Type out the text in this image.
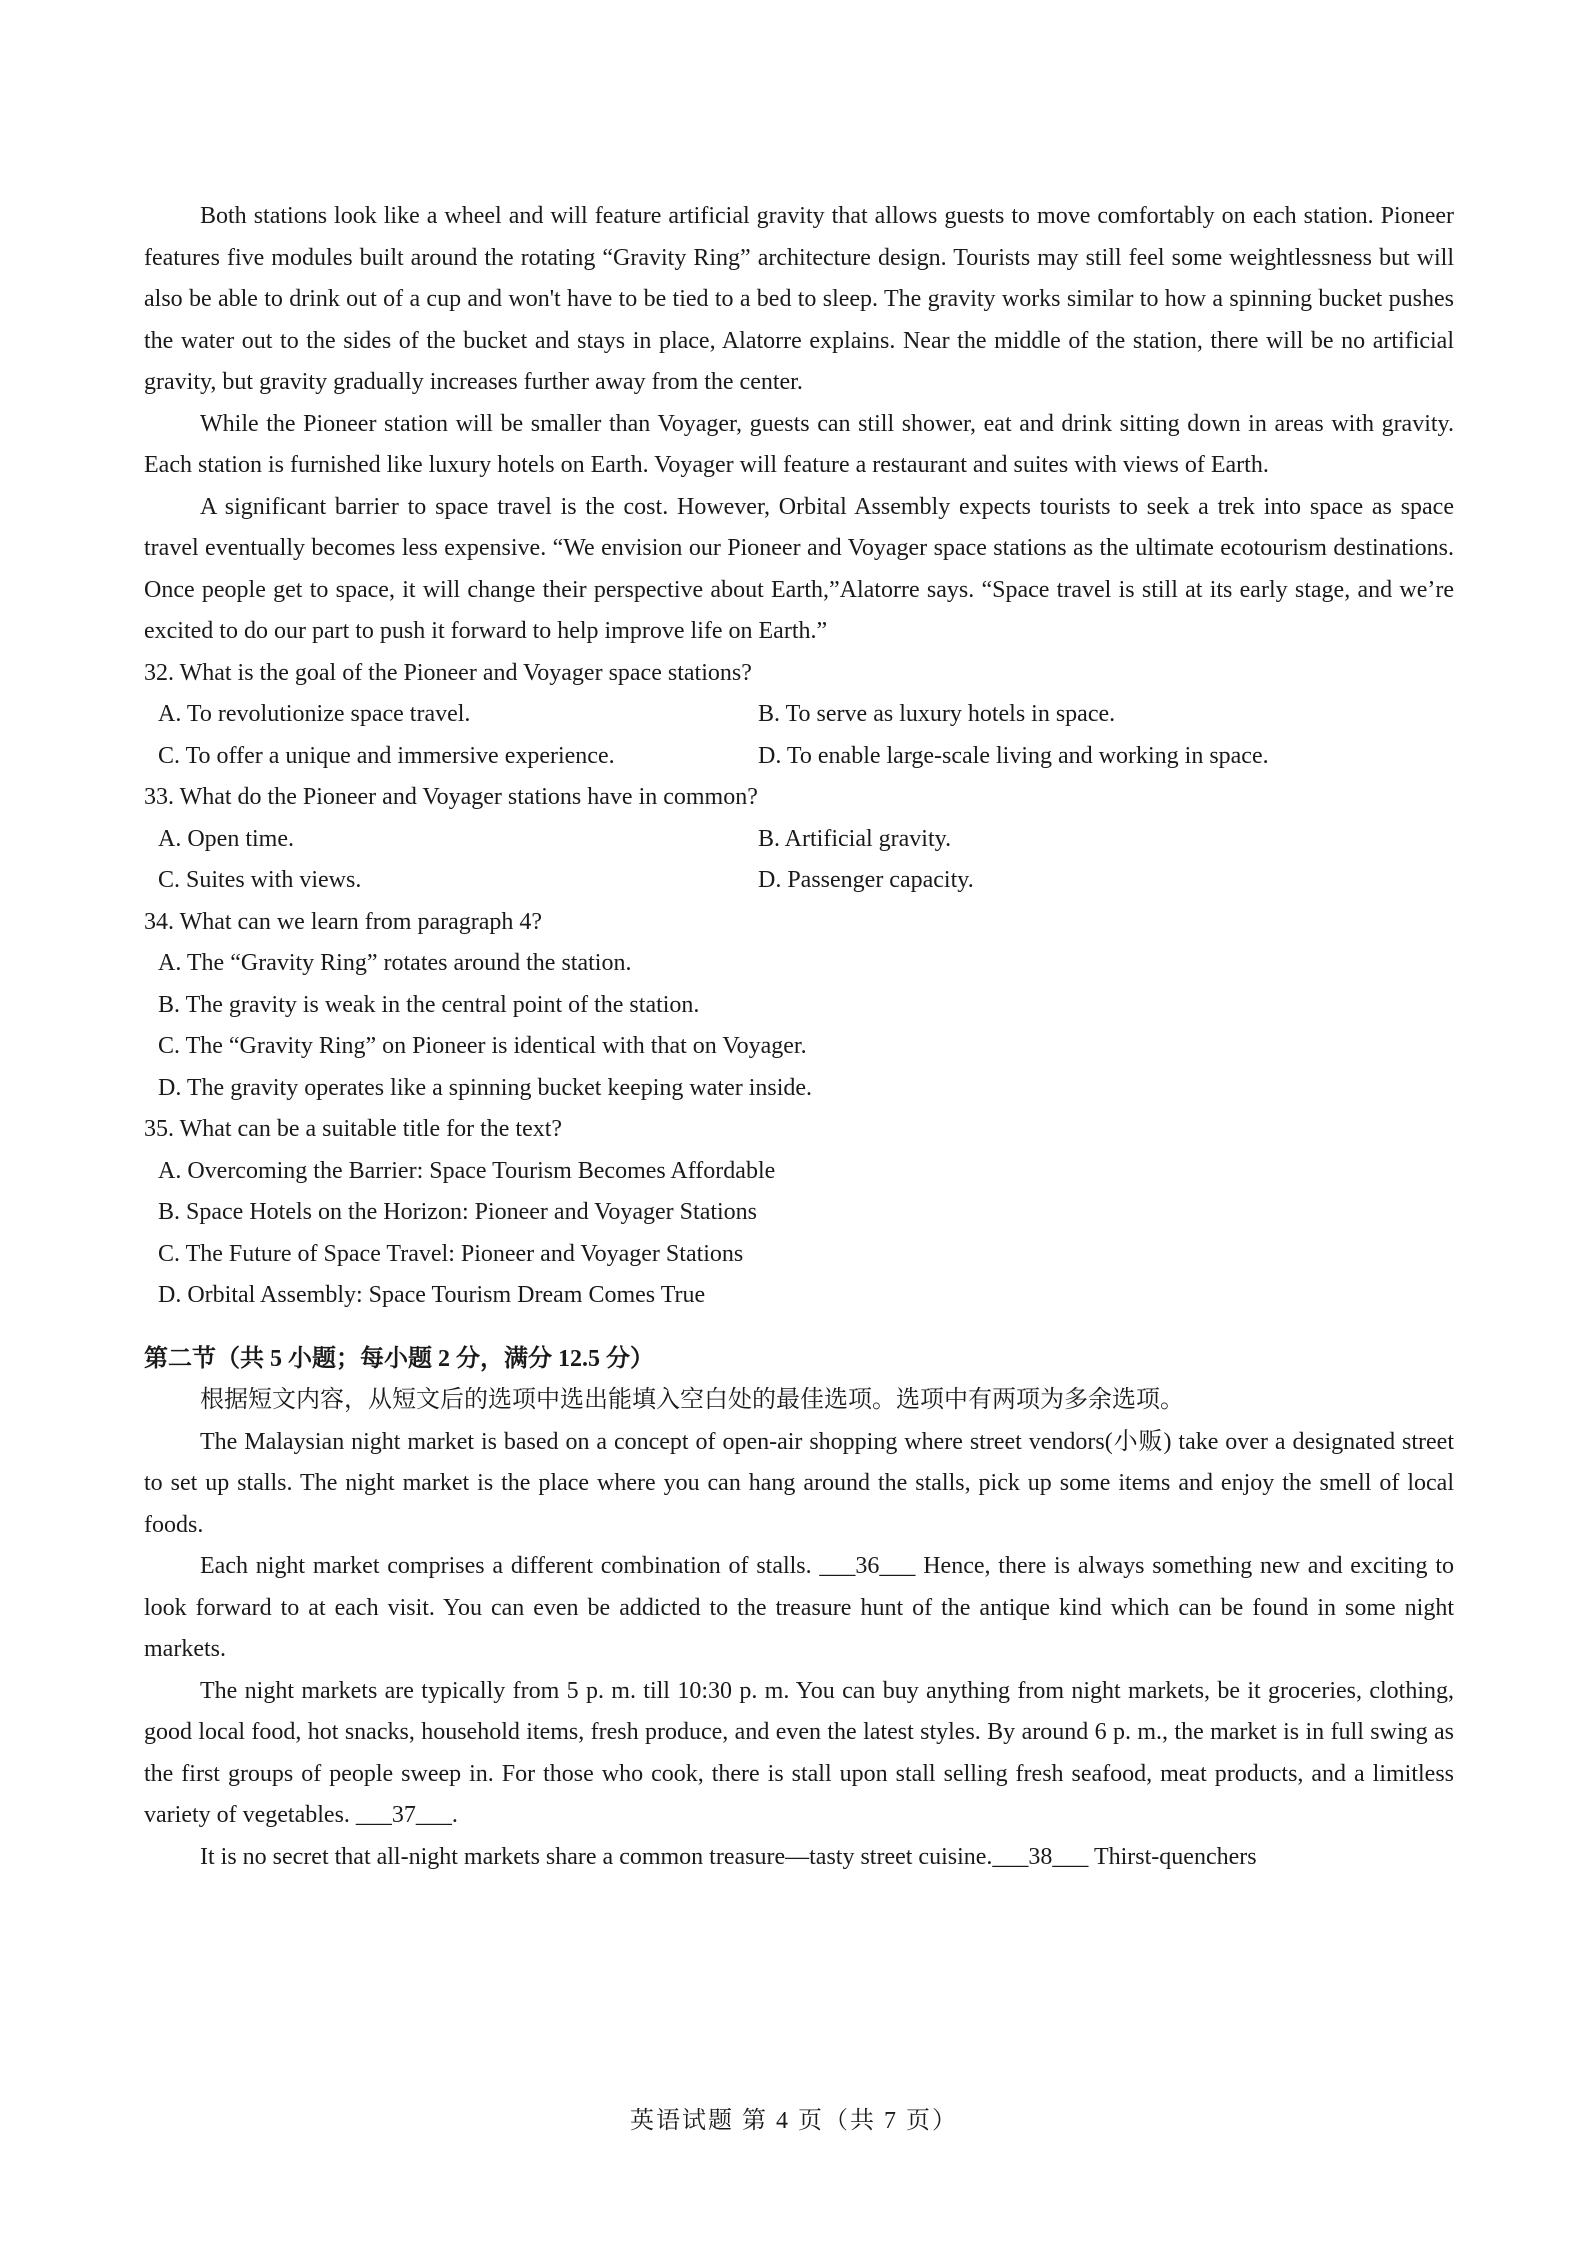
Both stations look like a wheel and will feature artificial gravity that allows guests to move comfortably on each station. Pioneer features five modules built around the rotating “Gravity Ring” architecture design. Tourists may still feel some weightlessness but will also be able to drink out of a cup and won't have to be tied to a bed to sleep. The gravity works similar to how a spinning bucket pushes the water out to the sides of the bucket and stays in place, Alatorre explains. Near the middle of the station, there will be no artificial gravity, but gravity gradually increases further away from the center.

While the Pioneer station will be smaller than Voyager, guests can still shower, eat and drink sitting down in areas with gravity. Each station is furnished like luxury hotels on Earth. Voyager will feature a restaurant and suites with views of Earth.

A significant barrier to space travel is the cost. However, Orbital Assembly expects tourists to seek a trek into space as space travel eventually becomes less expensive. “We envision our Pioneer and Voyager space stations as the ultimate ecotourism destinations. Once people get to space, it will change their perspective about Earth,”Alatorre says. “Space travel is still at its early stage, and we’re excited to do our part to push it forward to help improve life on Earth.”

32. What is the goal of the Pioneer and Voyager space stations?

A. To revolutionize space travel.	B. To serve as luxury hotels in space.
C. To offer a unique and immersive experience.	D. To enable large-scale living and working in space.

33. What do the Pioneer and Voyager stations have in common?

A. Open time.	B. Artificial gravity.
C. Suites with views.	D. Passenger capacity.

34. What can we learn from paragraph 4?

A. The “Gravity Ring” rotates around the station.
B. The gravity is weak in the central point of the station.
C. The “Gravity Ring” on Pioneer is identical with that on Voyager.
D. The gravity operates like a spinning bucket keeping water inside.

35. What can be a suitable title for the text?

A. Overcoming the Barrier: Space Tourism Becomes Affordable
B. Space Hotels on the Horizon: Pioneer and Voyager Stations
C. The Future of Space Travel: Pioneer and Voyager Stations
D. Orbital Assembly: Space Tourism Dream Comes True

第二节（共 5 小题；每小题 2 分，满分 12.5 分）

根据短文内容，从短文后的选项中选出能填入空白处的最佳选项。选项中有两项为多余选项。

The Malaysian night market is based on a concept of open-air shopping where street vendors(小贩) take over a designated street to set up stalls. The night market is the place where you can hang around the stalls, pick up some items and enjoy the smell of local foods.

Each night market comprises a different combination of stalls. ___36___ Hence, there is always something new and exciting to look forward to at each visit. You can even be addicted to the treasure hunt of the antique kind which can be found in some night markets.

The night markets are typically from 5 p. m. till 10:30 p. m. You can buy anything from night markets, be it groceries, clothing, good local food, hot snacks, household items, fresh produce, and even the latest styles. By around 6 p. m., the market is in full swing as the first groups of people sweep in. For those who cook, there is stall upon stall selling fresh seafood, meat products, and a limitless variety of vegetables. ___37___.

It is no secret that all-night markets share a common treasure—tasty street cuisine.___38___ Thirst-quenchers

英语试题 第 4 页（共 7 页）
